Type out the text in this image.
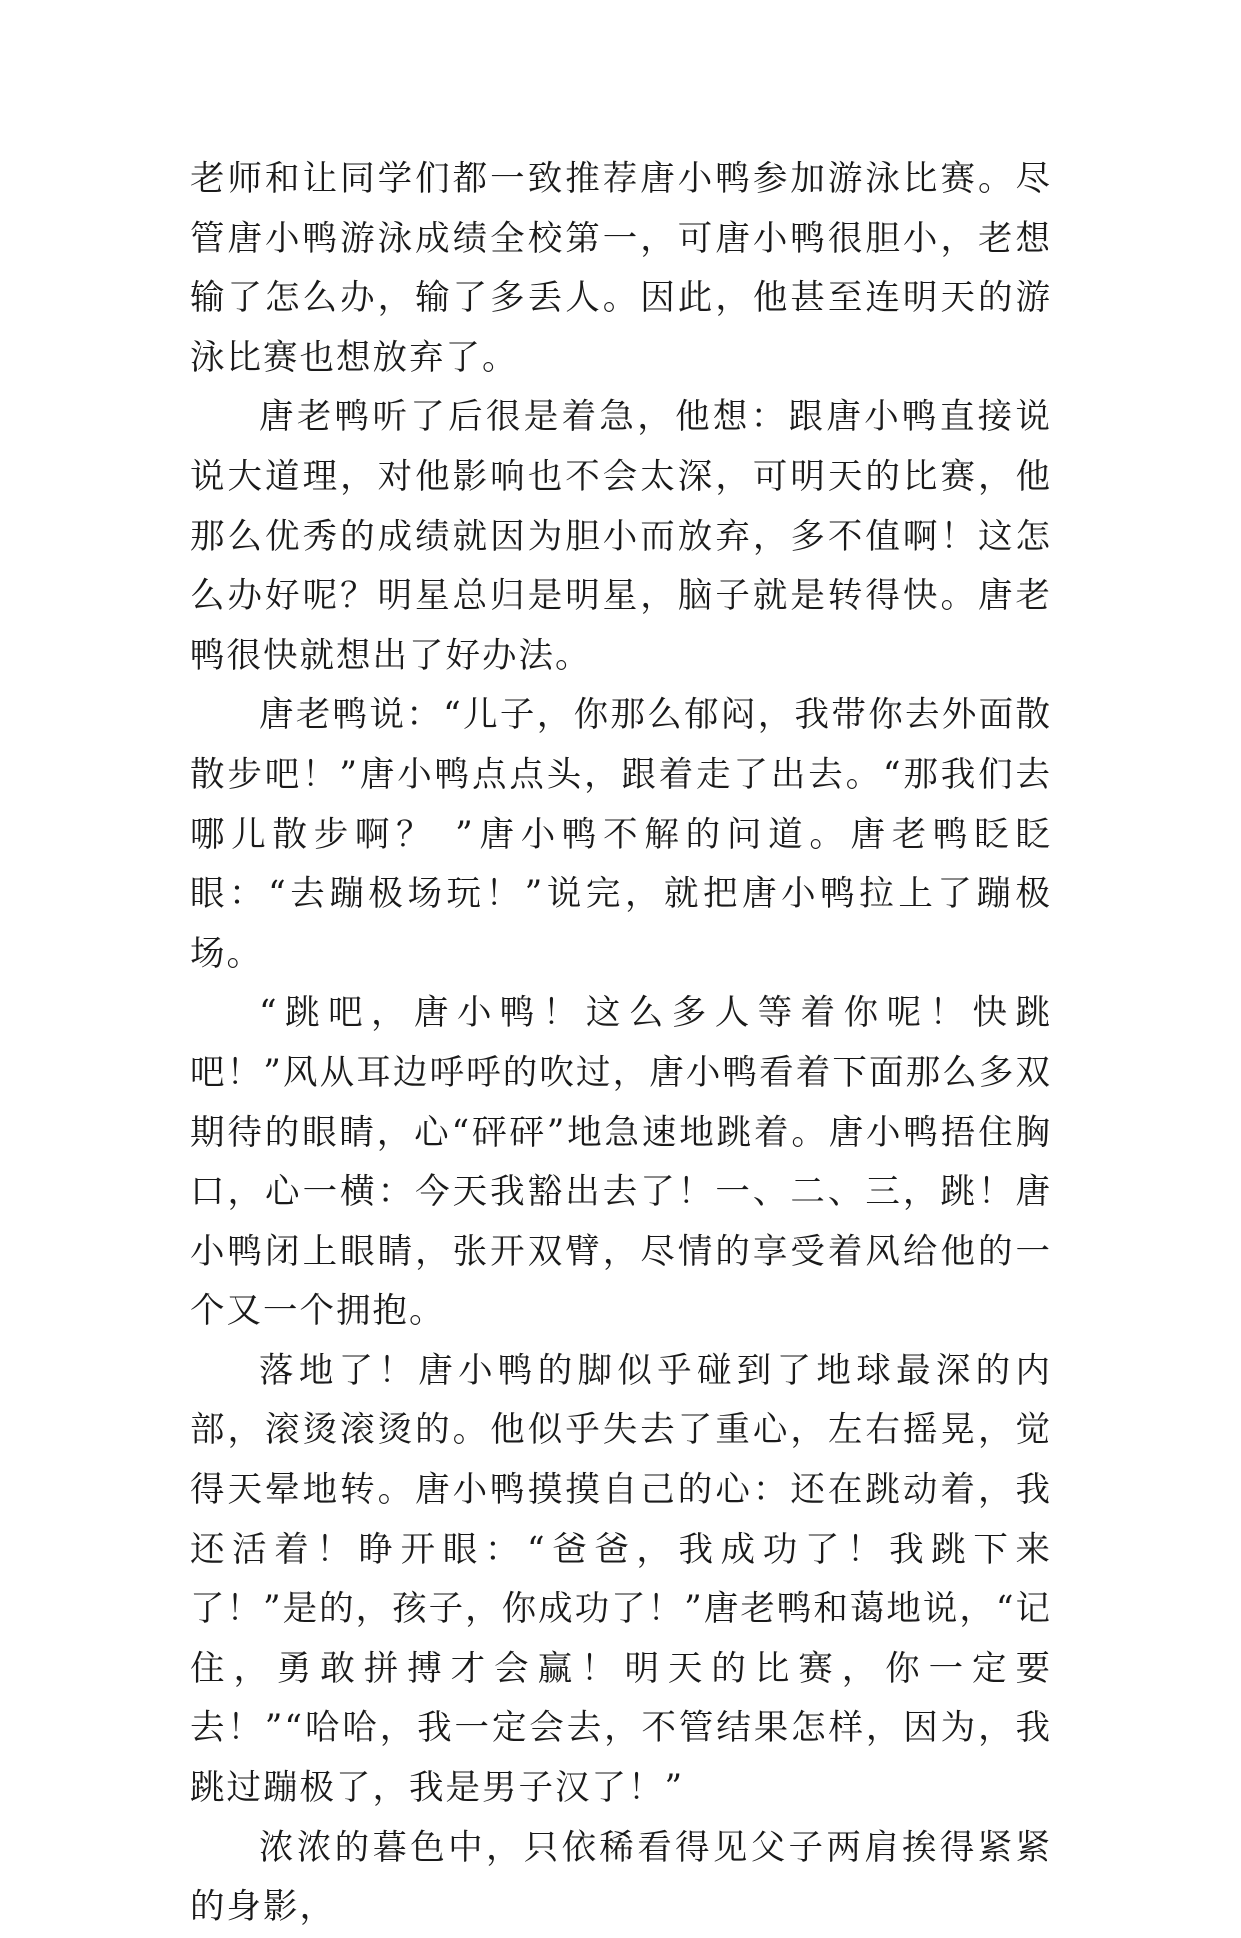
老师和让同学们都一致推荐唐小鸭参加游泳比赛。尽管唐小鸭游泳成绩全校第一，可唐小鸭很胆小，老想输了怎么办，输了多丢人。因此，他甚至连明天的游泳比赛也想放弃了。

唐老鸭听了后很是着急，他想：跟唐小鸭直接说说大道理，对他影响也不会太深，可明天的比赛，他那么优秀的成绩就因为胆小而放弃，多不值啊！这怎么办好呢？明星总归是明星，脑子就是转得快。唐老鸭很快就想出了好办法。

唐老鸭说：“儿子，你那么郁闷，我带你去外面散散步吧！”唐小鸭点点头，跟着走了出去。“那我们去哪儿散步啊？ ”唐小鸭不解的问道。唐老鸭眨眨眼：“去蹦极场玩！”说完，就把唐小鸭拉上了蹦极场。

“跳吧，唐小鸭！这么多人等着你呢！快跳吧！”风从耳边呼呼的吹过，唐小鸭看着下面那么多双期待的眼睛，心“砰砰”地急速地跳着。唐小鸭捂住胸口，心一横：今天我豁出去了！一、二、三，跳！唐小鸭闭上眼睛，张开双臂，尽情的享受着风给他的一个又一个拥抱。

落地了！唐小鸭的脚似乎碰到了地球最深的内部，滚烫滚烫的。他似乎失去了重心，左右摇晃，觉得天晕地转。唐小鸭摸摸自己的心：还在跳动着，我还活着！睁开眼：“爸爸，我成功了！我跳下来了！”是的，孩子，你成功了！”唐老鸭和蔼地说，“记住，勇敢拼搏才会赢！明天的比赛，你一定要去！”“哈哈，我一定会去，不管结果怎样，因为，我跳过蹦极了，我是男子汉了！”

浓浓的暮色中，只依稀看得见父子两肩挨得紧紧的身影，
